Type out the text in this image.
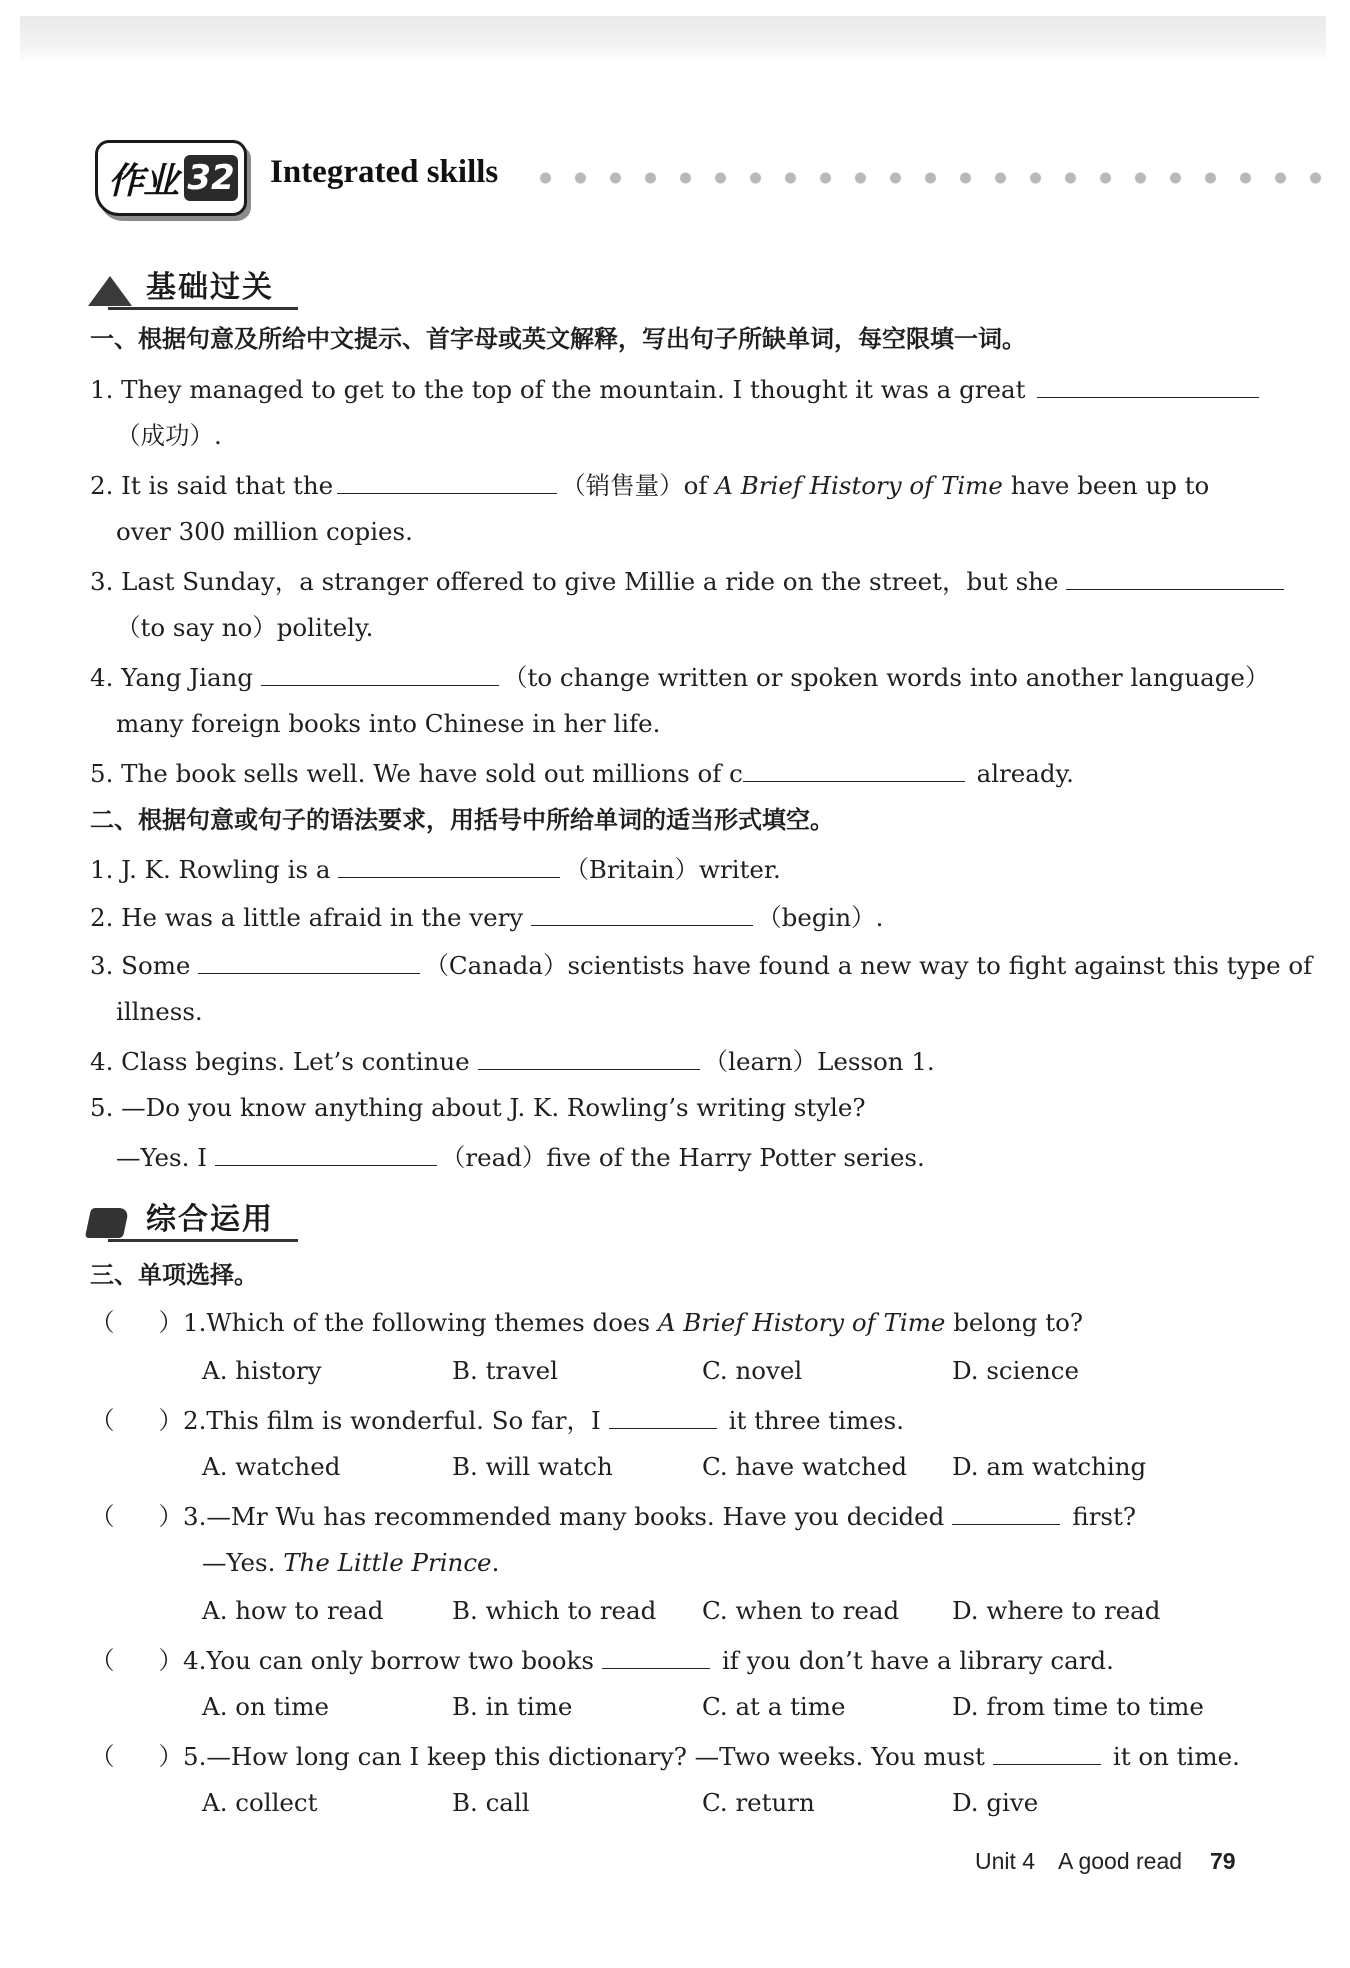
作业 32 Integrated skills
基础过关
一、根据句意及所给中文提示、首字母或英文解释，写出句子所缺单词，每空限填一词。
1. They managed to get to the top of the mountain. I thought it was a great
（成功）.
2. It is said that the	（销售量）of A Brief History of Time have been up to
over 300 million copies.
3. Last Sunday，a stranger offered to give Millie a ride on the street，but she
（to say no）politely.
4. Yang Jiang	（to change written or spoken words into another language）
many foreign books into Chinese in her life.
5. The book sells well. We have sold out millions of c	already.
二、根据句意或句子的语法要求，用括号中所给单词的适当形式填空。
1. J. K. Rowling is a	（Britain）writer.
2. He was a little afraid in the very	（begin）.
3. Some	（Canada）scientists have found a new way to fight against this type of
illness.
4. Class begins. Let’s continue	（learn）Lesson 1.
5. —Do you know anything about J. K. Rowling’s writing style?
—Yes. I	（read）five of the Harry Potter series.
综合运用
三、单项选择。
（ ）1.Which of the following themes does A Brief History of Time belong to?
A. history	B. travel	C. novel	D. science
（ ）2.This film is wonderful. So far，I	it three times.
A. watched	B. will watch	C. have watched D. am watching
（ ）3.—Mr Wu has recommended many books. Have you decided	first?
—Yes. The Little Prince.
A. how to read	B. which to read C. when to read D. where to read
（ ）4.You can only borrow two books	if you don’t have a library card.
A. on time	B. in time	C. at a time	D. from time to time
（ ）5.—How long can I keep this dictionary? —Two weeks. You must	it on time.
A. collect	B. call	C. return	D. give
Unit 4 A good read 79
